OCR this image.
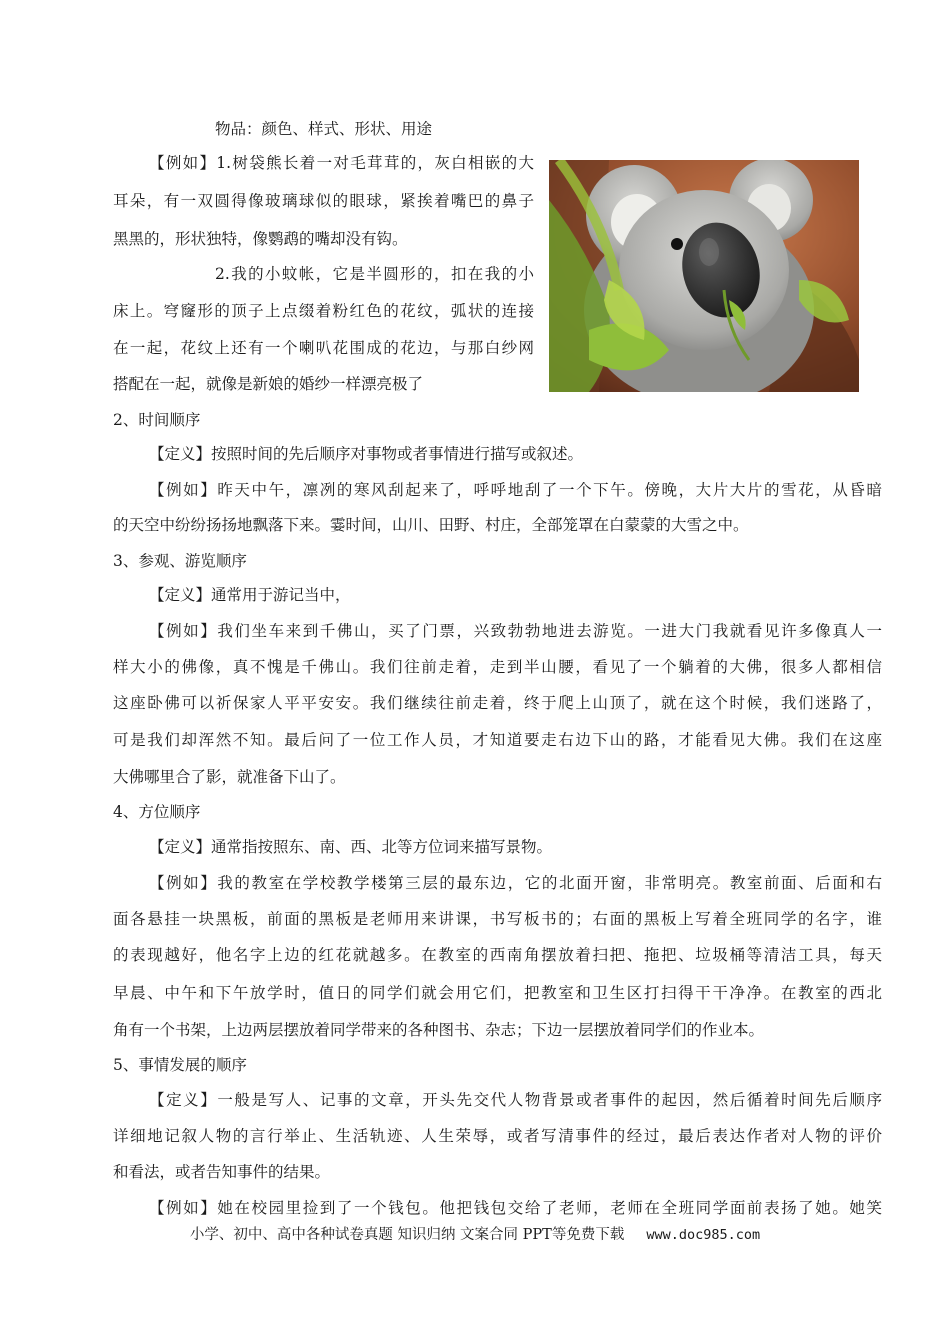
物品：颜色、样式、形状、用途
【例如】1.树袋熊长着一对毛茸茸的，灰白相嵌的大
耳朵，有一双圆得像玻璃球似的眼球，紧挨着嘴巴的鼻子
黑黑的，形状独特，像鹦鹉的嘴却没有钩。
2.我的小蚊帐，它是半圆形的，扣在我的小
床上。穹窿形的顶子上点缀着粉红色的花纹，弧状的连接
在一起，花纹上还有一个喇叭花围成的花边，与那白纱网
搭配在一起，就像是新娘的婚纱一样漂亮极了
2、时间顺序
【定义】按照时间的先后顺序对事物或者事情进行描写或叙述。
【例如】昨天中午，凛冽的寒风刮起来了，呼呼地刮了一个下午。傍晚，大片大片的雪花，从昏暗
的天空中纷纷扬扬地飘落下来。霎时间，山川、田野、村庄，全部笼罩在白蒙蒙的大雪之中。
3、参观、游览顺序
【定义】通常用于游记当中，
【例如】我们坐车来到千佛山，买了门票，兴致勃勃地进去游览。一进大门我就看见许多像真人一
样大小的佛像，真不愧是千佛山。我们往前走着，走到半山腰，看见了一个躺着的大佛，很多人都相信
这座卧佛可以祈保家人平平安安。我们继续往前走着，终于爬上山顶了，就在这个时候，我们迷路了，
可是我们却浑然不知。最后问了一位工作人员，才知道要走右边下山的路，才能看见大佛。我们在这座
大佛哪里合了影，就准备下山了。
4、方位顺序
【定义】通常指按照东、南、西、北等方位词来描写景物。
【例如】我的教室在学校教学楼第三层的最东边，它的北面开窗，非常明亮。教室前面、后面和右
面各悬挂一块黑板，前面的黑板是老师用来讲课，书写板书的；右面的黑板上写着全班同学的名字，谁
的表现越好，他名字上边的红花就越多。在教室的西南角摆放着扫把、拖把、垃圾桶等清洁工具，每天
早晨、中午和下午放学时，值日的同学们就会用它们，把教室和卫生区打扫得干干净净。在教室的西北
角有一个书架，上边两层摆放着同学带来的各种图书、杂志；下边一层摆放着同学们的作业本。
5、事情发展的顺序
【定义】一般是写人、记事的文章，开头先交代人物背景或者事件的起因，然后循着时间先后顺序
详细地记叙人物的言行举止、生活轨迹、人生荣辱，或者写清事件的经过，最后表达作者对人物的评价
和看法，或者告知事件的结果。
【例如】她在校园里捡到了一个钱包。他把钱包交给了老师，老师在全班同学面前表扬了她。她笑
小学、初中、高中各种试卷真题 知识归纳 文案合同 PPT等免费下载 www.doc985.com
